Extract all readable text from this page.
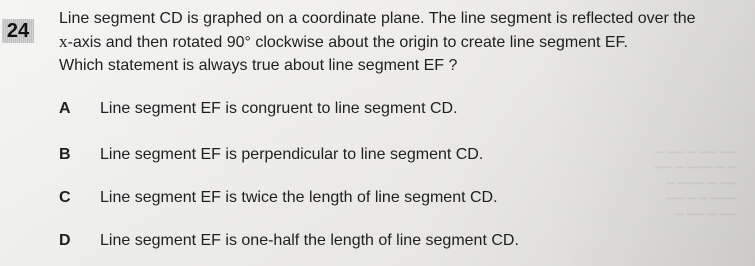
▔ ▔▔ ▔ ▔▔ ▔▔
▔▔ ▔ ▔▔▔ ▔ ▔
▔ ▔▔▔ ▔ ▔▔
▔▔ ▔ ▔ ▔▔▔
▔ ▔▔ ▔ ▔▔
24
Line segment CD is graphed on a coordinate plane. The line segment is reflected over the
x-axis and then rotated 90° clockwise about the origin to create line segment EF.
Which statement is always true about line segment EF ?
A	Line segment EF is congruent to line segment CD.
B	Line segment EF is perpendicular to line segment CD.
C	Line segment EF is twice the length of line segment CD.
D	Line segment EF is one-half the length of line segment CD.
